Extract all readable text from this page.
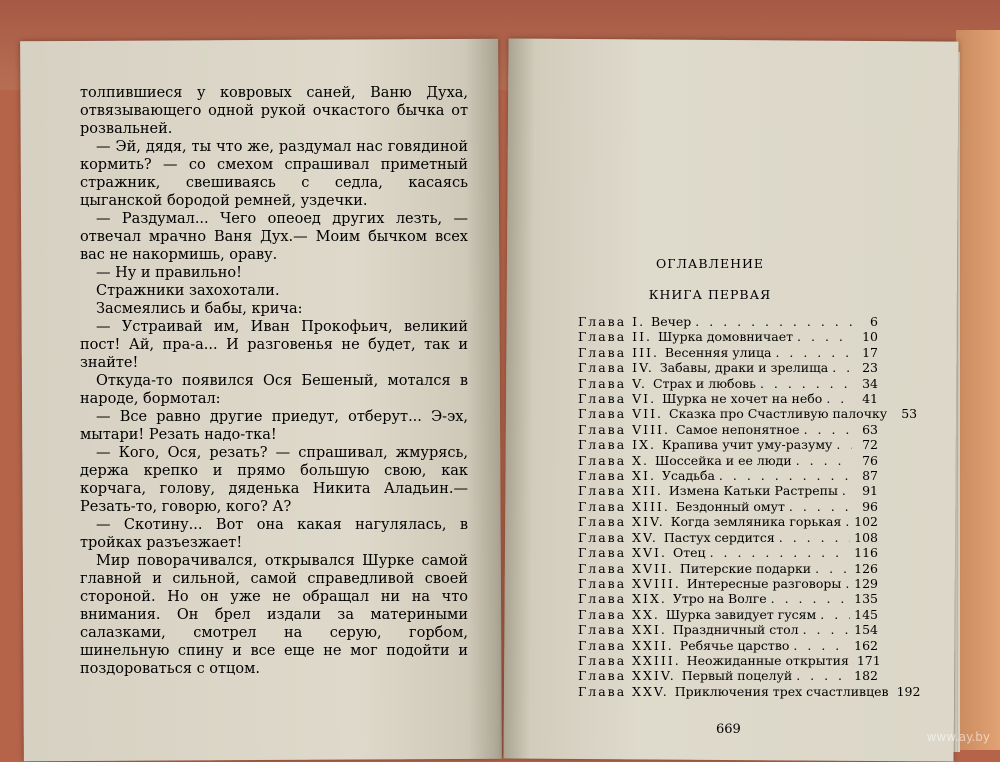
толпившиеся у ковровых саней, Ваню Духа, отвязывающего одной рукой очкастого бычка от розвальней.

— Эй, дядя, ты что же, раздумал нас говядиной кормить? — со смехом спрашивал приметный стражник, свешиваясь с седла, касаясь цыганской бородой ремней, уздечки.

— Раздумал... Чего опеоед других лезть, — отвечал мрачно Ваня Дух.— Моим бычком всех вас не накормишь, ораву.

— Ну и правильно!

Стражники захохотали.

Засмеялись и бабы, крича:

— Устраивай им, Иван Прокофьич, великий пост! Ай, пра-а... И разговенья не будет, так и знайте!

Откуда-то появился Ося Бешеный, мотался в народе, бормотал:

— Все равно другие приедут, отберут... Э-эх, мытари! Резать надо-тка!

— Кого, Ося, резать? — спрашивал, жмурясь, держа крепко и прямо большую свою, как корчага, голову, дяденька Никита Аладьин.— Резать-то, говорю, кого? А?

— Скотину... Вот она какая нагулялась, в тройках разъезжает!

Мир поворачивался, открывался Шурке самой главной и сильной, самой справедливой своей стороной. Но он уже не обращал ни на что внимания. Он брел издали за материными салазками, смотрел на серую, горбом, шинельную спину и все еще не мог подойти и поздороваться с отцом.

ОГЛАВЛЕНИЕ
КНИГА ПЕРВАЯ
Глава I. Вечер . . .	6
Глава II. Шурка домовничает . . .	10
Глава III. Весенняя улица . . .	17
Глава IV. Забавы, драки и зрелища . . .	23
Глава V. Страх и любовь . . .	34
Глава VI. Шурка не хочет на небо . . .	41
Глава VII. Сказка про Счастливую палочку	53
Глава VIII. Самое непонятное . . .	63
Глава IX. Крапива учит уму-разуму . . .	72
Глава X. Шоссейка и ее люди . . .	76
Глава XI. Усадьба . . .	87
Глава XII. Измена Катьки Растрепы . . .	91
Глава XIII. Бездонный омут . . .	96
Глава XIV. Когда земляника горькая . . . 102
Глава XV. Пастух сердится . . .	108
Глава XVI. Отец . . .	116
Глава XVII. Питерские подарки . . .	126
Глава XVIII. Интересные разговоры . . . 129
Глава XIX. Утро на Волге . . .	135
Глава XX. Шурка завидует гусям . . .	145
Глава XXI. Праздничный стол . . .	154
Глава XXII. Ребячье царство . . .	162
Глава XXIII. Неожиданные открытия 171
Глава XXIV. Первый поцелуй . . .	182
Глава XXV. Приключения трех счастливцев 192
669	www.ay.by
